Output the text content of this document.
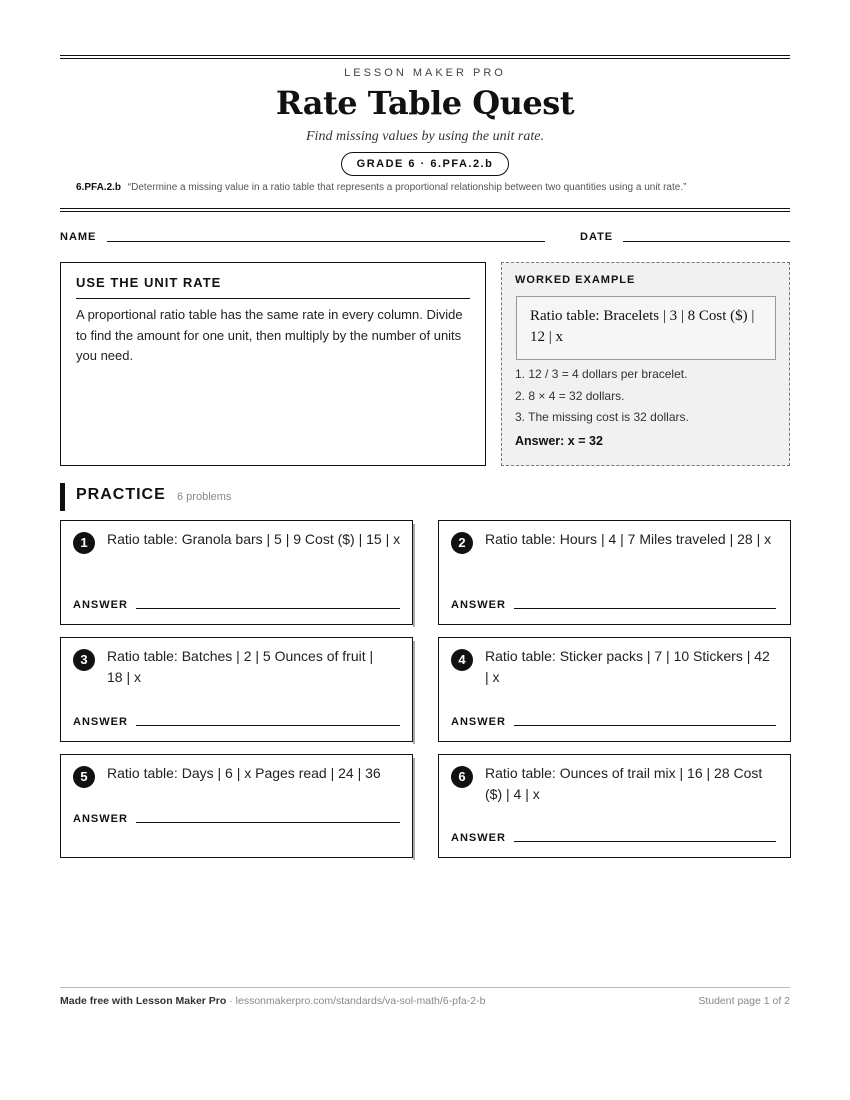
LESSON MAKER PRO
Rate Table Quest
Find missing values by using the unit rate.
GRADE 6 · 6.PFA.2.b
6.PFA.2.b “Determine a missing value in a ratio table that represents a proportional relationship between two quantities using a unit rate.”
NAME	DATE
USE THE UNIT RATE
A proportional ratio table has the same rate in every column. Divide to find the amount for one unit, then multiply by the number of units you need.
WORKED EXAMPLE
Ratio table: Bracelets | 3 | 8 Cost ($) | 12 | x
1. 12 / 3 = 4 dollars per bracelet.
2. 8 × 4 = 32 dollars.
3. The missing cost is 32 dollars.
Answer: x = 32
PRACTICE 6 problems
1	Ratio table: Granola bars | 5 | 9 Cost ($) | 15 | x
ANSWER
2	Ratio table: Hours | 4 | 7 Miles traveled | 28 | x
ANSWER
3	Ratio table: Batches | 2 | 5 Ounces of fruit | 18 | x
ANSWER
4	Ratio table: Sticker packs | 7 | 10 Stickers | 42 | x
ANSWER
5	Ratio table: Days | 6 | x Pages read | 24 | 36
ANSWER
6	Ratio table: Ounces of trail mix | 16 | 28 Cost ($) | 4 | x
ANSWER
Made free with Lesson Maker Pro · lessonmakerpro.com/standards/va-sol-math/6-pfa-2-b	Student page 1 of 2
